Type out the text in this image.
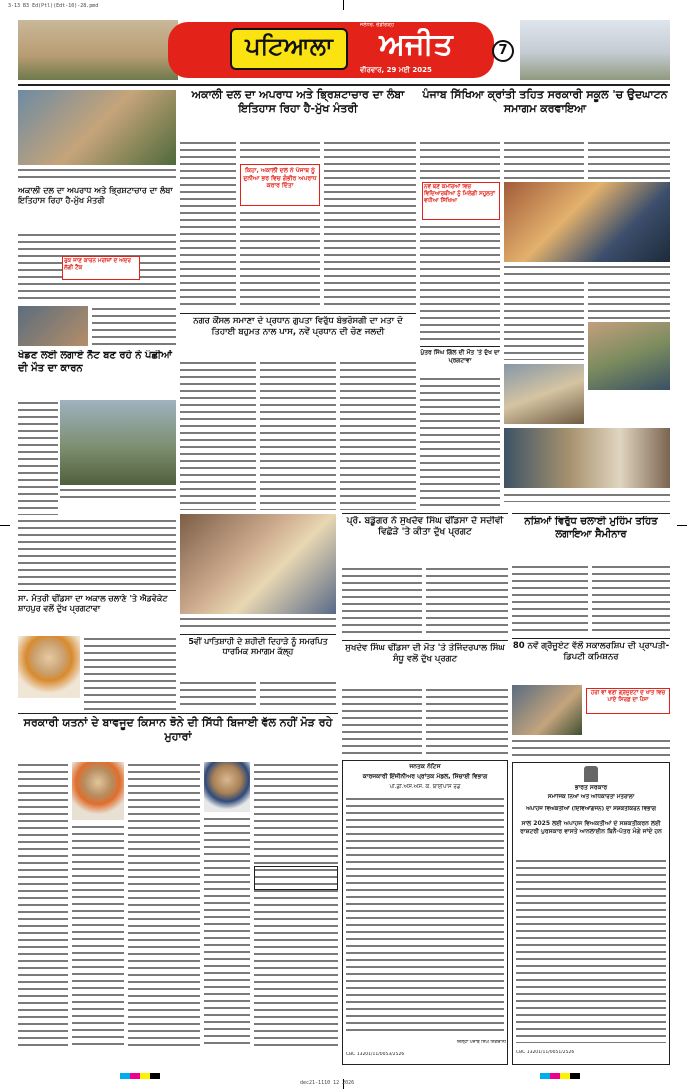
3-13 B3 Ed(Ptl)(Edt-10)-28.pmd
dec21-1110 12 2026
ਪਟਿਆਲਾ	ਅਜੀਤ
ਜਲੰਧਰ, ਚੰਡੀਗੜ੍ਹ
ਵੀਰਵਾਰ, 29 ਮਈ 2025
7
ਅਕਾਲੀ ਦਲ ਦਾ ਅਪਰਾਧ ਅਤੇ ਭ੍ਰਿਸ਼ਟਾਚਾਰ ਦਾ ਲੰਬਾ ਇਤਿਹਾਸ ਰਿਹਾ ਹੈ-ਮੁੱਖ ਮੰਤਰੀ
ਰੁਕ ਜਾਣ ਕਾਰਨ ਮਰੀਜ਼ਾਂ ਦੇ ਅੰਦਰ ਲੱਗੀ ਟੈਂਕ
ਖੇਡਣ ਲਈ ਲਗਾਏ ਨੈੱਟ ਬਣ ਰਹੇ ਨੇ ਪੰਛੀਆਂ ਦੀ ਮੌਤ ਦਾ ਕਾਰਨ
ਸਾ. ਮੰਤਰੀ ਢੀਂਡਸਾ ਦਾ ਅਕਾਲ ਚਲਾਣੇ 'ਤੇ ਐਡਵੋਕੇਟ ਸ਼ਾਹਪੁਰ ਵਲੋਂ ਦੁੱਖ ਪ੍ਰਗਟਾਵਾ
ਸਰਕਾਰੀ ਯਤਨਾਂ ਦੇ ਬਾਵਜੂਦ ਕਿਸਾਨ ਝੋਨੇ ਦੀ ਸਿੱਧੀ ਬਿਜਾਈ ਵੱਲ ਨਹੀਂ ਮੋੜ ਰਹੇ ਮੁਹਾਰਾਂ
ਅਕਾਲੀ ਦਲ ਦਾ ਅਪਰਾਧ ਅਤੇ ਭ੍ਰਿਸ਼ਟਾਚਾਰ ਦਾ ਲੰਬਾ ਇਤਿਹਾਸ ਰਿਹਾ ਹੈ-ਮੁੱਖ ਮੰਤਰੀ
ਕਿਹਾ, ਅਕਾਲੀ ਦਲ ਨੇ ਪੰਜਾਬ ਨੂੰ ਦੁਨੀਆ ਭਰ ਵਿਚ ਗੰਭੀਰ ਅਪਰਾਧ ਕਰਾਰ ਦਿੱਤਾ
ਨਗਰ ਕੌਂਸਲ ਸਮਾਣਾ ਦੇ ਪ੍ਰਧਾਨ ਗੁਪਤਾ ਵਿਰੁੱਧ ਬੇਭਰੋਸਗੀ ਦਾ ਮਤਾ ਦੋ ਤਿਹਾਈ ਬਹੁਮਤ ਨਾਲ ਪਾਸ, ਨਵੇਂ ਪ੍ਰਧਾਨ ਦੀ ਚੋਣ ਜਲਦੀ
5ਵੀਂ ਪਾਤਿਸ਼ਾਹੀ ਦੇ ਸ਼ਹੀਦੀ ਦਿਹਾੜੇ ਨੂੰ ਸਮਰਪਿਤ ਧਾਰਮਿਕ ਸਮਾਗਮ ਕੱਲ੍ਹ
ਪ੍ਰੋ. ਬਡੂੰਗਰ ਨੇ ਸੁਖਦੇਵ ਸਿੰਘ ਢੀਂਡਸਾ ਦੇ ਸਦੀਵੀ ਵਿਛੋੜੇ 'ਤੇ ਕੀਤਾ ਦੁੱਖ ਪ੍ਰਗਟ
ਸੁਖਦੇਵ ਸਿੰਘ ਢੀਂਡਸਾ ਦੀ ਮੌਤ 'ਤੇ ਤੇਜਿੰਦਰਪਾਲ ਸਿੰਘ ਸੰਧੂ ਵਲੋਂ ਦੁੱਖ ਪ੍ਰਗਟ
ਜਨਤਕ ਨੋਟਿਸ
ਕਾਰਜਕਾਰੀ ਇੰਜੀਨੀਅਰ ਪ੍ਰਾਂਤਕ ਮੰਡਲ, ਸਿੰਚਾਈ ਵਿਭਾਗ
ਪੀ.ਡੀ.ਐਸ.ਐਸ. ਕੇ. ਬਾਈਪਾਸ ਰੋਡ
ਜ਼ਿਲ੍ਹਾ ਪੰਜਾਬ ਸਿੰਘ ਨਿਗਰਾਨੀ
CBC 13201/11/0053/2526
ਪੰਜਾਬ ਸਿੱਖਿਆ ਕ੍ਰਾਂਤੀ ਤਹਿਤ ਸਰਕਾਰੀ ਸਕੂਲ 'ਚ ਉਦਘਾਟਨ ਸਮਾਗਮ ਕਰਵਾਇਆ
ਨਵੇਂ ਬਣੇ ਕਮਰਿਆਂ ਵਿਚ ਵਿਦਿਆਰਥੀਆਂ ਨੂੰ ਮਿਲੇਗੀ ਸਹੂਲਤਾਂ ਵਧੀਆ ਸਿੱਖਿਆ
ਪੁੱਤਰ ਸਿੰਘ ਗਿੱਲ ਦੀ ਮੌਤ 'ਤੇ ਦੁੱਖ ਦਾ ਪ੍ਰਗਟਾਵਾ
ਨਸ਼ਿਆਂ ਵਿਰੁੱਧ ਚਲਾਈ ਮੁਹਿੰਮ ਤਹਿਤ ਲਗਾਇਆ ਸੈਮੀਨਾਰ
80 ਨਵੇਂ ਗ੍ਰੈਜੂਏਟ ਵੱਲੋਂ ਸਕਾਲਰਸ਼ਿਪ ਦੀ ਪ੍ਰਾਪਤੀ-ਡਿਪਟੀ ਕਮਿਸ਼ਨਰ
ਹਰੀ ਵਾਂ ਵਣੀ ਗ੍ਰੈਜੂਏਟਾਂ ਦੇ ਖਾਤੇ ਵਿਚ ਪਾਏ ਸਿਰਫ਼ ਦਾ ਪੈਸਾ
ਭਾਰਤ ਸਰਕਾਰ
ਸਮਾਜਿਕ ਨਿਆਂ ਅਤੇ ਅਧਿਕਾਰਤਾ ਮੰਤਰਾਲਾ
ਅਪਾਹਜ ਵਿਅਕਤੀਆਂ (ਦਿਵਿਆਂਗਜਨ) ਦਾ ਸਸ਼ਕਤੀਕਰਨ ਵਿਭਾਗ
ਸਾਲ 2025 ਲਈ ਅਪਾਹਜ ਵਿਅਕਤੀਆਂ ਦੇ ਸਸ਼ਕਤੀਕਰਨ ਲਈ ਰਾਸ਼ਟਰੀ ਪੁਰਸਕਾਰ ਵਾਸਤੇ ਆਨਲਾਈਨ ਬਿਨੈ-ਪੱਤਰ ਮੰਗੇ ਜਾਂਦੇ ਹਨ
CBC 13201/11/0051/2526
